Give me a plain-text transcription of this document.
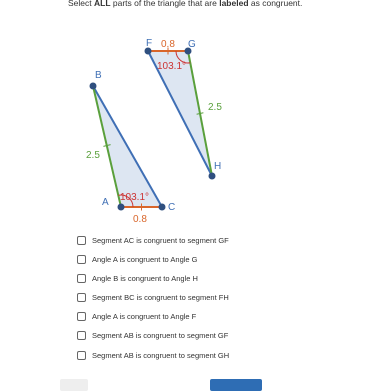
Select ALL parts of the triangle that are labeled as congruent.
B
A	C
2.5
0.8
103.1°
F	G
H
0.8
2.5
103.1°
Segment AC is congruent to segment GF
Angle A is congruent to Angle G
Angle B is congruent to Angle H
Segment BC is congruent to segment FH
Angle A is congruent to Angle F
Segment AB is congruent to segment GF
Segment AB is congruent to segment GH
